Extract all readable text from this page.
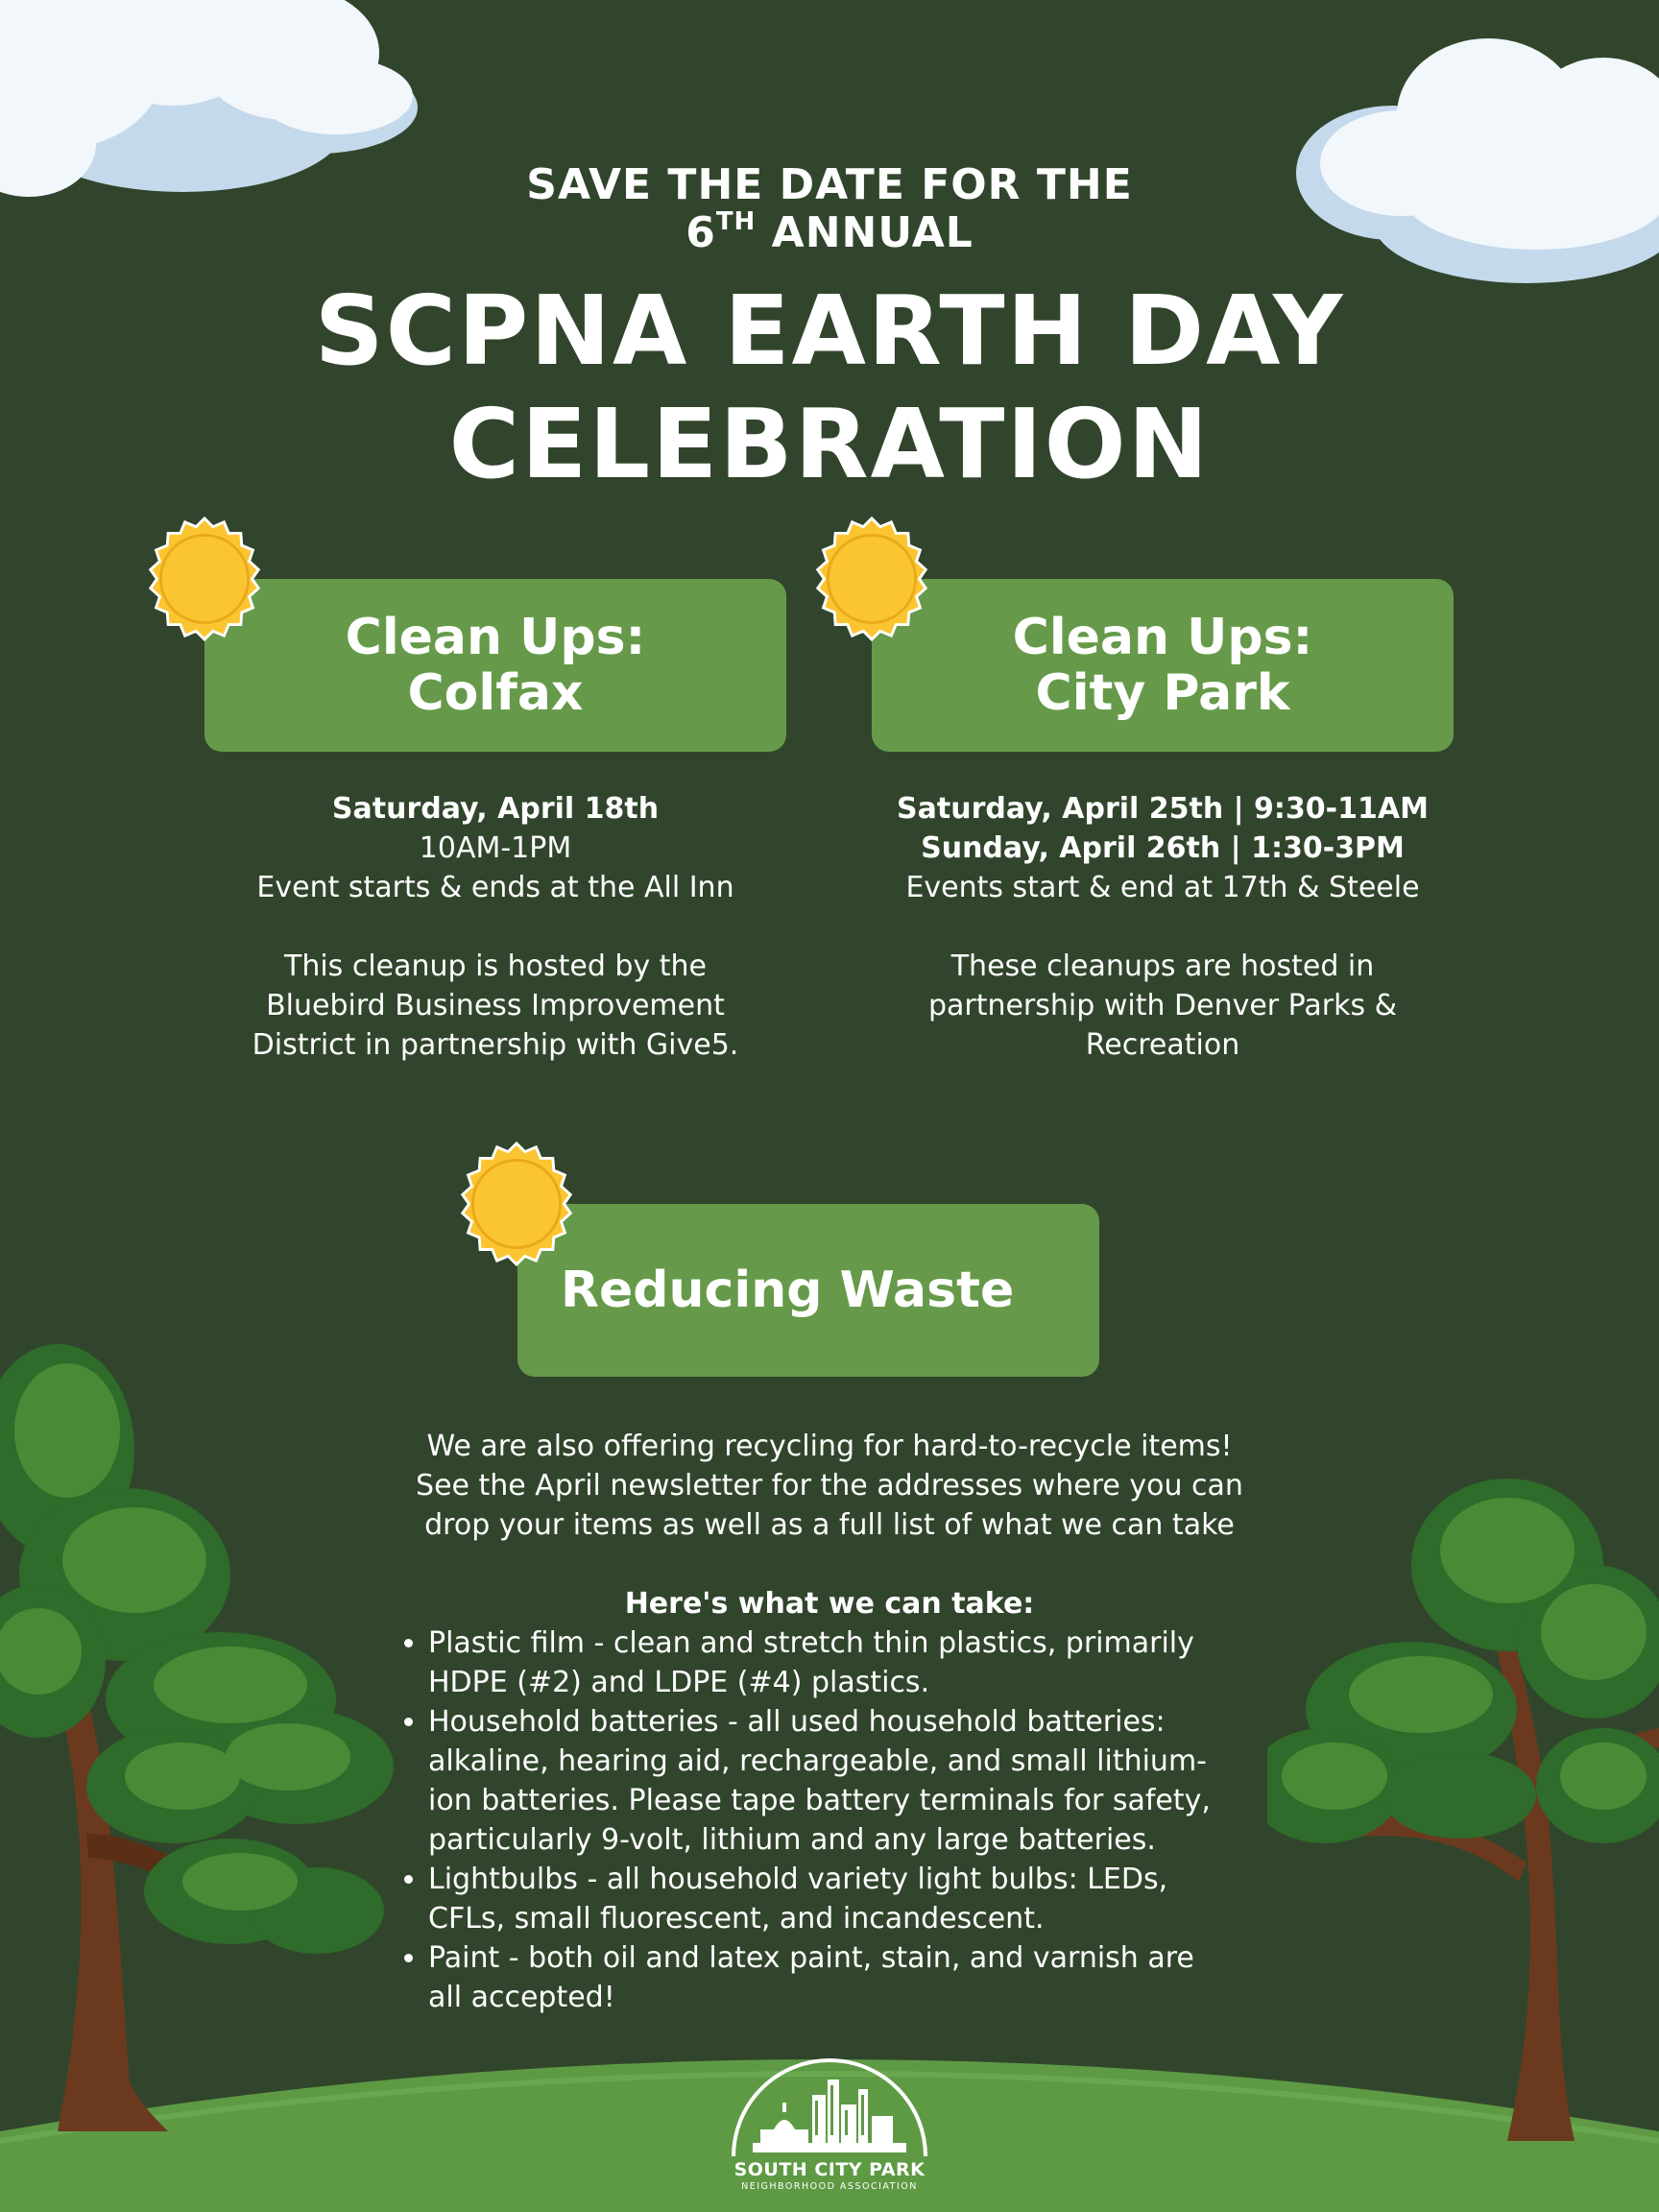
SAVE THE DATE FOR THE
6TH ANNUAL
SCPNA EARTH DAY
CELEBRATION
Clean Ups:
Colfax
Saturday, April 18th
10AM-1PM
Event starts & ends at the All Inn
This cleanup is hosted by the
Bluebird Business Improvement
District in partnership with Give5.
Clean Ups:
City Park
Saturday, April 25th | 9:30-11AM
Sunday, April 26th | 1:30-3PM
Events start & end at 17th & Steele
These cleanups are hosted in
partnership with Denver Parks &
Recreation
Reducing Waste
We are also offering recycling for hard-to-recycle items!
See the April newsletter for the addresses where you can
drop your items as well as a full list of what we can take
Here's what we can take:
• Plastic film - clean and stretch thin plastics, primarily
HDPE (#2) and LDPE (#4) plastics.
• Household batteries - all used household batteries:
alkaline, hearing aid, rechargeable, and small lithium-
ion batteries. Please tape battery terminals for safety,
particularly 9-volt, lithium and any large batteries.
• Lightbulbs - all household variety light bulbs: LEDs,
CFLs, small fluorescent, and incandescent.
• Paint - both oil and latex paint, stain, and varnish are
all accepted!
SOUTH CITY PARK
NEIGHBORHOOD ASSOCIATION
